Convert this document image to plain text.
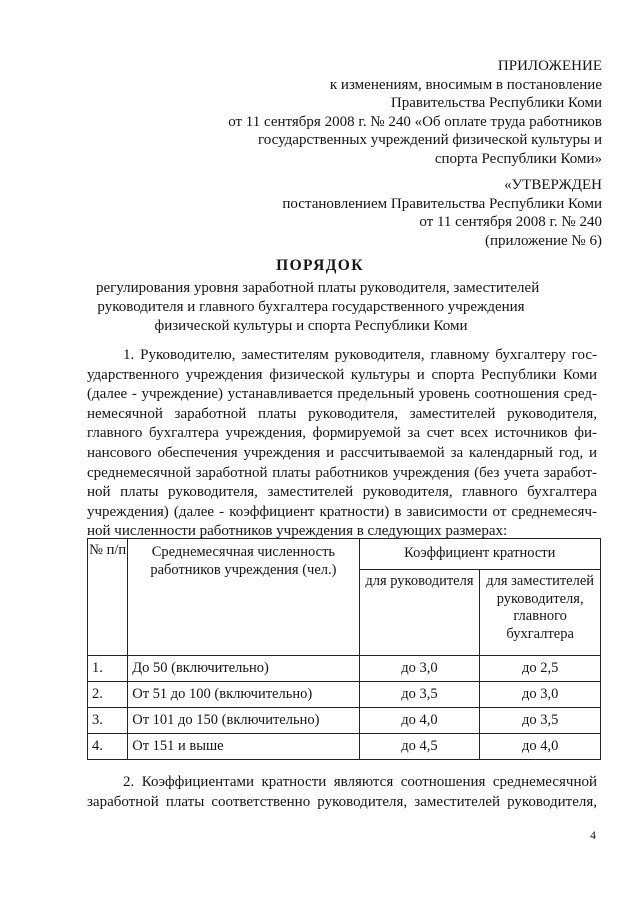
ПРИЛОЖЕНИЕ
к изменениям, вносимым в постановление
Правительства Республики Коми
от 11 сентября 2008 г. № 240 «Об оплате труда работников
государственных учреждений физической культуры и
спорта Республики Коми»
«УТВЕРЖДЕН
постановлением Правительства Республики Коми
от 11 сентября 2008 г. № 240
(приложение № 6)
ПОРЯДОК
регулирования уровня заработной платы руководителя, заместителей
руководителя и главного бухгалтера государственного учреждения
физической культуры и спорта Республики Коми
1. Руководителю, заместителям руководителя, главному бухгалтеру гос-
ударственного учреждения физической культуры и спорта Республики Коми
(далее - учреждение) устанавливается предельный уровень соотношения сред-
немесячной заработной платы руководителя, заместителей руководителя,
главного бухгалтера учреждения, формируемой за счет всех источников фи-
нансового обеспечения учреждения и рассчитываемой за календарный год, и
среднемесячной заработной платы работников учреждения (без учета заработ-
ной платы руководителя, заместителей руководителя, главного бухгалтера
учреждения) (далее - коэффициент кратности) в зависимости от среднемесяч-
ной численности работников учреждения в следующих размерах:
№ п/п	Среднемесячная численность работников учреждения (чел.)	Коэффициент кратности	
		для руководителя	для заместителей руководителя, главного бухгалтера
1.	До 50 (включительно)	до 3,0	до 2,5
2.	От 51 до 100 (включительно)	до 3,5	до 3,0
3.	От 101 до 150 (включительно)	до 4,0	до 3,5
4.	От 151 и выше	до 4,5	до 4,0
2. Коэффициентами кратности являются соотношения среднемесячной
заработной платы соответственно руководителя, заместителей руководителя,
4
